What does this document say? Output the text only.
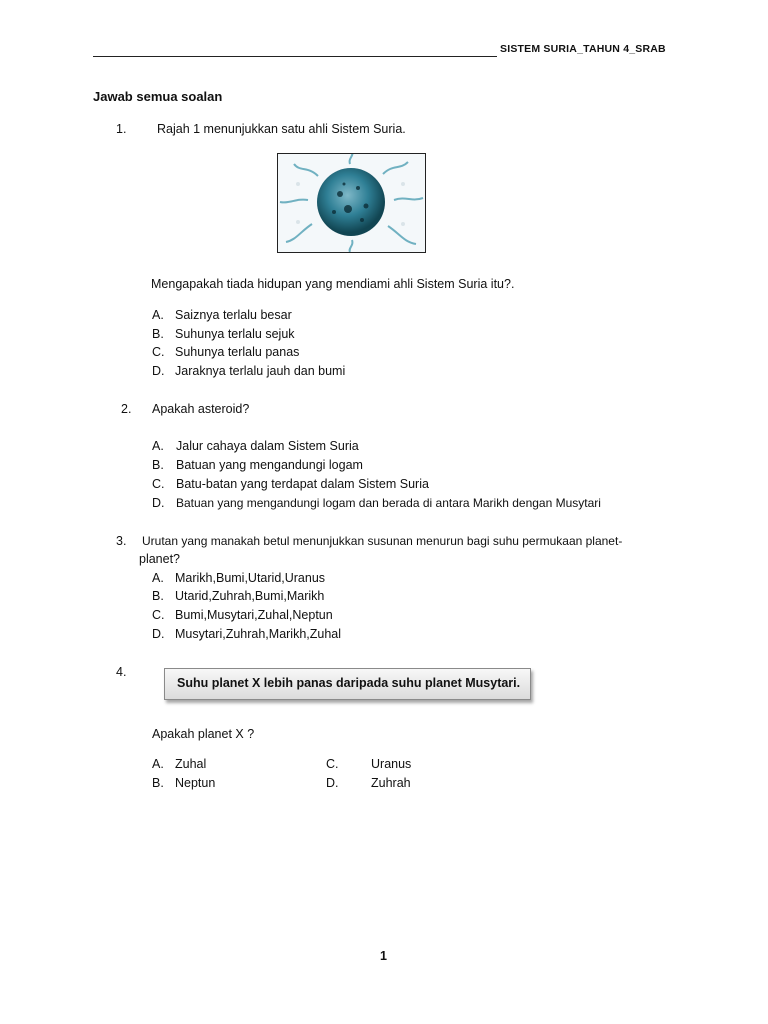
SISTEM SURIA_TAHUN 4_SRAB
Jawab semua soalan
1. Rajah 1 menunjukkan satu ahli Sistem Suria.
Mengapakah tiada hidupan yang mendiami ahli Sistem Suria itu?.
A. Saiznya terlalu besar
B. Suhunya terlalu sejuk
C. Suhunya terlalu panas
D. Jaraknya terlalu jauh dan bumi
2. Apakah asteroid?
A. Jalur cahaya dalam Sistem Suria
B. Batuan yang mengandungi logam
C. Batu-batan yang terdapat dalam Sistem Suria
D. Batuan yang mengandungi logam dan berada di antara Marikh dengan Musytari
3. Urutan yang manakah betul menunjukkan susunan menurun bagi suhu permukaan planet-
planet?
A. Marikh,Bumi,Utarid,Uranus
B. Utarid,Zuhrah,Bumi,Marikh
C. Bumi,Musytari,Zuhal,Neptun
D. Musytari,Zuhrah,Marikh,Zuhal
4.
Suhu planet X lebih panas daripada suhu planet Musytari.
Apakah planet X ?
A. Zuhal
B. Neptun
C.	Uranus
D.	Zuhrah
1
